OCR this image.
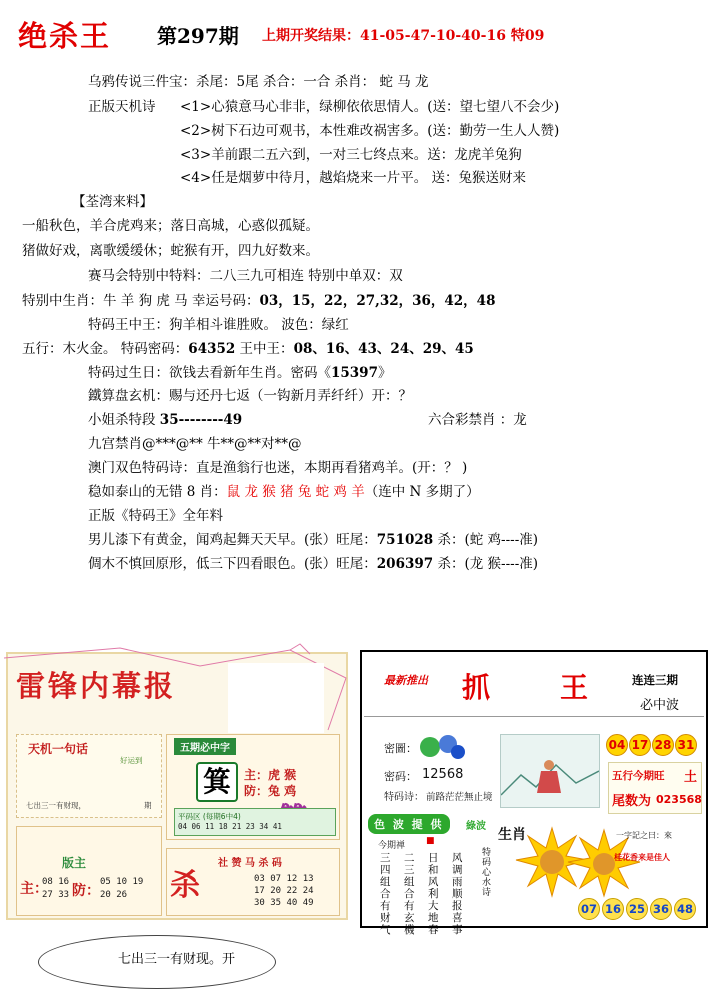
绝杀王 第297期 上期开奖结果：41-05-47-10-40-16 特09
乌鸦传说三件宝：杀尾：5尾 杀合：一合 杀肖： 蛇 马 龙
正版天机诗 <1>心猿意马心非非，绿柳依依思情人。(送：望七望八不会少)
<2>树下石边可观书，本性难改祸害多。(送：勤劳一生人人赞)
<3>羊前跟二五六到，一对三七终点来。送：龙虎羊兔狗
<4>任是烟萝中待月，越焰烧来一片平。 送：兔猴送财来
【荃湾来料】
一船秋色，羊合虎鸡来；落日高城，心惑似孤疑。
猪做好戏，离歌缓缓休；蛇猴有开，四九好数来。
赛马会特别中特料：二八三九可相连 特别中单双：双
特别中生肖：牛 羊 狗 虎 马 幸运号码：03，15，22，27,32，36，42，48
特码王中王：狗羊相斗谁胜败。 波色：绿红
五行：木火金。 特码密码：64352 王中王：08、16、43、24、29、45
特码过生日：欲钱去看新年生肖。密码《15397》
鐵算盘玄机：赐与还丹七返（一钩新月弄纤纤）开：？
小姐杀特段 35--------49	六合彩禁肖 ：龙
九宫禁肖@***@** 牛**@**对**@
澳门双色特码诗：直是渔翁行也迷，本期再看猪鸡羊。(开：？ )
稳如泰山的无错 8 肖：鼠 龙 猴 猪 兔 蛇 鸡 羊（连中 N 多期了）
正版《特码王》全年料
男儿漆下有黄金，闻鸡起舞天天早。(张）旺尾：751028 杀：(蛇 鸡----准)
倜木不慎回原形，低三下四看眼色。(张）旺尾：206397 杀：(龙 猴----准)
雷锋内幕报
天机一句话
好运到
七出三一有财现，	期
五期必中字
箕	主：虎 猴
防：兔 鸡
平码区 (每期6中4)
04 06 11 18 21 23 34 41
版主
主：
08 16
27 33 防：
05 10 19
20 26 杀
社 赞 马 杀 码
03 07 12 13
17 20 22 24
30 35 40 49
七出三一有财现。开
最新推出 抓 王	连连三期
必中波
密圖：
密码： 12568
特码诗： 前路茫茫無止境
04 17 28 31
五行今期旺 土
尾数为 023568
色 波 提 供	綠波
今期禅 ■	生肖
三四组合有财气
二三组合有玄機
日和风利大地春
风调雨顺报喜事
特码心水诗
一字記之曰：來
桂花香来是佳人
07 16 25 36 48
